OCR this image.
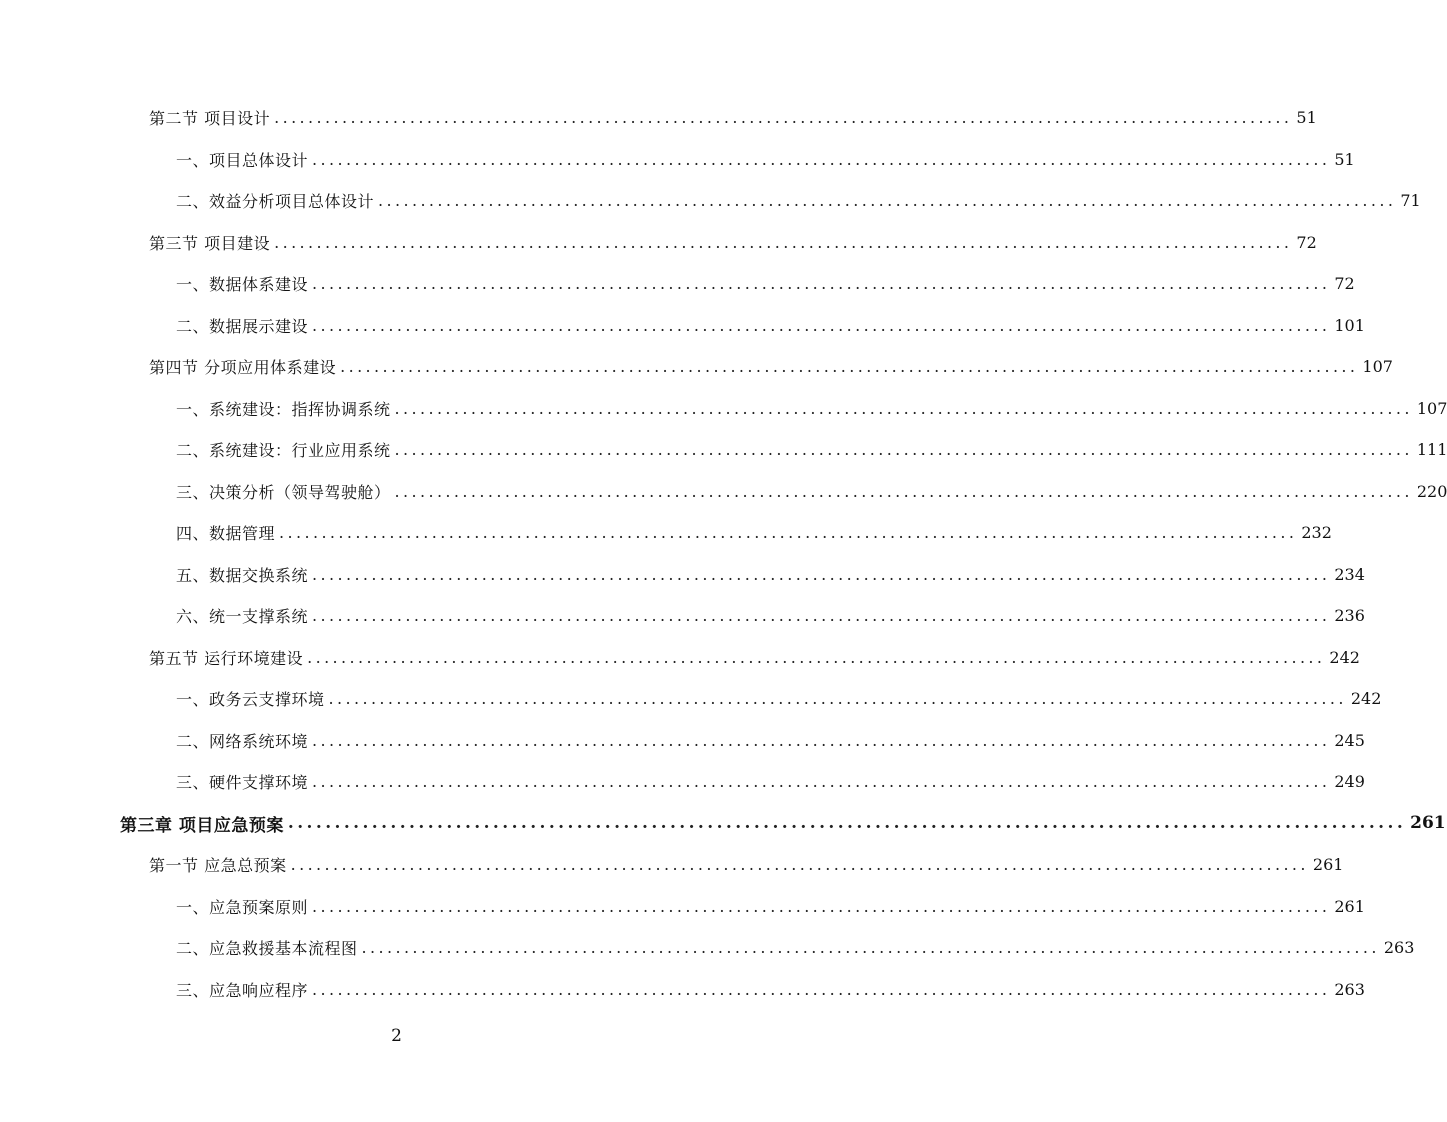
第二节 项目设计 ........................................................................................................................ 51
一、项目总体设计 ........................................................................................................................ 51
二、效益分析项目总体设计 ........................................................................................................................ 71
第三节 项目建设 ........................................................................................................................ 72
一、数据体系建设 ........................................................................................................................ 72
二、数据展示建设 ........................................................................................................................ 101
第四节 分项应用体系建设 ........................................................................................................................ 107
一、系统建设：指挥协调系统 ........................................................................................................................ 107
二、系统建设：行业应用系统 ........................................................................................................................ 111
三、决策分析（领导驾驶舱） ........................................................................................................................ 220
四、数据管理 ........................................................................................................................ 232
五、数据交换系统 ........................................................................................................................ 234
六、统一支撑系统 ........................................................................................................................ 236
第五节 运行环境建设 ........................................................................................................................ 242
一、政务云支撑环境 ........................................................................................................................ 242
二、网络系统环境 ........................................................................................................................ 245
三、硬件支撑环境 ........................................................................................................................ 249
第三章 项目应急预案 ........................................................................................................................ 261
第一节 应急总预案 ........................................................................................................................ 261
一、应急预案原则 ........................................................................................................................ 261
二、应急救援基本流程图 ........................................................................................................................ 263
三、应急响应程序 ........................................................................................................................ 263
2
